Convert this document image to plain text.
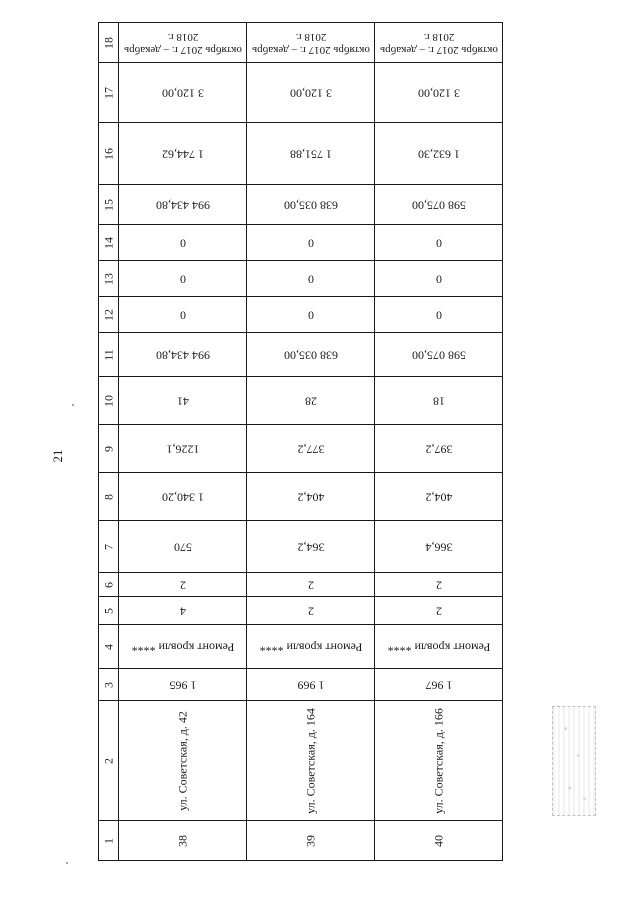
21
18	октябрь 2017 г. – декабрь 2018 г.	октябрь 2017 г. – декабрь 2018 г.	октябрь 2017 г. – декабрь 2018 г.

17	3 120,00	3 120,00	3 120,00

16	1 744,62	1 751,88	1 632,30

15	994 434,80	638 035,00	598 075,00

14	0	0	0

13	0	0	0

12	0	0	0

11	994 434,80	638 035,00	598 075,00

10	41	28	18

9	1226,1	377,2	397,2

8	1 340,20	404,2	404,2

7	570	364,2	366,4

6	2	2	2

5	4	2	2

4	Ремонт кровли ****	Ремонт кровли ****	Ремонт кровли ****

3	1 965	1 969	1 967

2	ул. Советская, д. 42	ул. Советская, д. 164	ул. Советская, д. 166

1	38	39	40
